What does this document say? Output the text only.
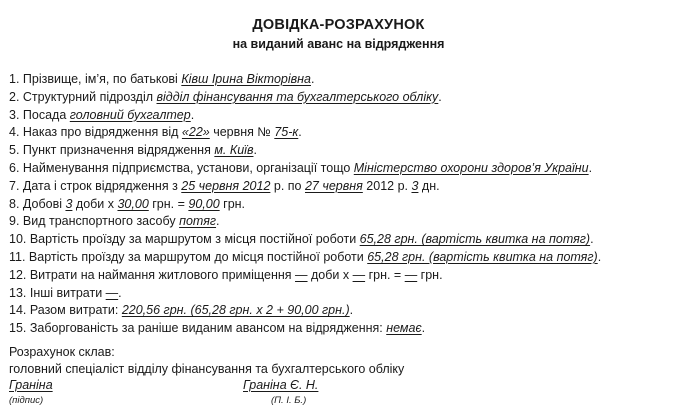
ДОВІДКА-РОЗРАХУНОК
на виданий аванс на відрядження
1. Прізвище, ім’я, по батькові Ківш Ірина Вікторівна.
2. Структурний підрозділ відділ фінансування та бухгалтерського обліку.
3. Посада головний бухгалтер.
4. Наказ про відрядження від «22» червня № 75-к.
5. Пункт призначення відрядження м. Київ.
6. Найменування підприємства, установи, організації тощо Міністерство охорони здоров’я України.
7. Дата і строк відрядження з 25 червня 2012 р. по 27 червня 2012 р. 3 дн.
8. Добові 3 доби х 30,00 грн. = 90,00 грн.
9. Вид транспортного засобу потяг.
10. Вартість проїзду за маршрутом з місця постійної роботи 65,28 грн. (вартість квитка на потяг).
11. Вартість проїзду за маршрутом до місця постійної роботи 65,28 грн. (вартість квитка на потяг).
12. Витрати на наймання житлового приміщення — доби х — грн. = — грн.
13. Інші витрати —.
14. Разом витрати: 220,56 грн. (65,28 грн. х 2 + 90,00 грн.).
15. Заборгованість за раніше виданим авансом на відрядження: немає.
Розрахунок склав:
головний спеціаліст відділу фінансування та бухгалтерського обліку
Граніна	Граніна Є. Н.
(підпис)	(П. І. Б.)
